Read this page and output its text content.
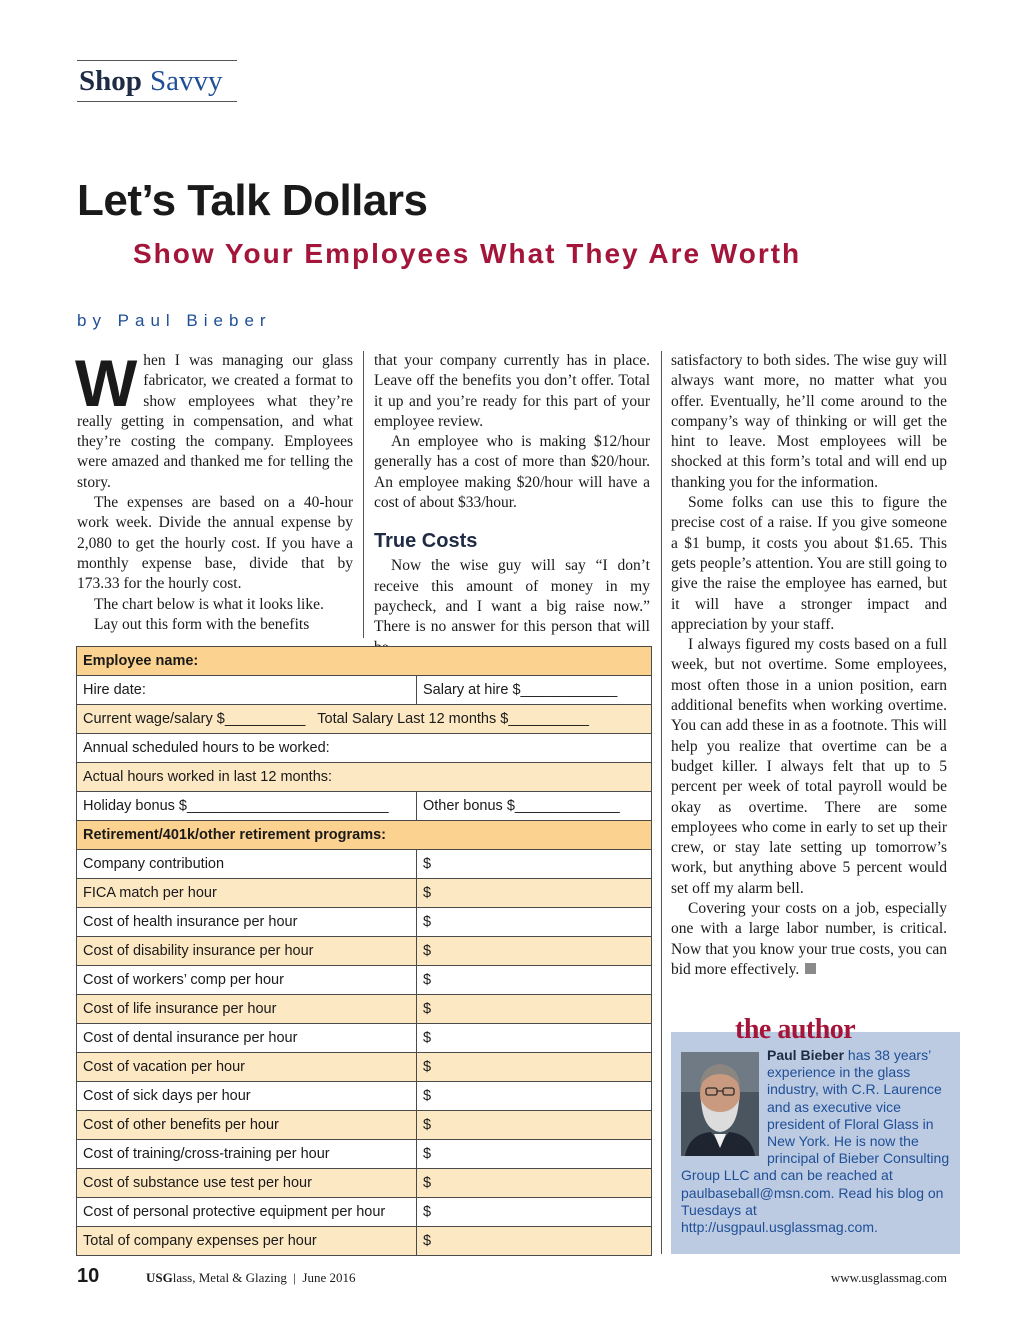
Shop Savvy
Let’s Talk Dollars
Show Your Employees What They Are Worth
by Paul Bieber

When I was managing our glass fabricator, we created a format to show employees what they’re really getting in compensation, and what they’re costing the company. Employees were amazed and thanked me for telling the story.

The expenses are based on a 40-hour work week. Divide the annual expense by 2,080 to get the hourly cost. If you have a monthly expense base, divide that by 173.33 for the hourly cost.

The chart below is what it looks like.

Lay out this form with the benefits

that your company currently has in place. Leave off the benefits you don’t offer. Total it up and you’re ready for this part of your employee review.

An employee who is making $12/hour generally has a cost of more than $20/hour. An employee making $20/hour will have a cost of about $33/hour.

True Costs

Now the wise guy will say “I don’t receive this amount of money in my paycheck, and I want a big raise now.” There is no answer for this person that will

satisfactory to both sides. The wise guy will always want more, no matter what you offer. Eventually, he’ll come around to the company’s way of thinking or will get the hint to leave. Most employees will be shocked at this form’s total and will end up thanking you for the information.

Some folks can use this to figure the precise cost of a raise. If you give someone a $1 bump, it costs you about $1.65. This gets people’s attention. You are still going to give the raise the employee has earned, but it will have a stronger impact and appreciation by your staff.

I always figured my costs based on a full week, but not overtime. Some employees, most often those in a union position, earn additional benefits when working overtime. You can add these in as a footnote. This will help you realize that overtime can be a budget killer. I always felt that up to 5 percent per week of total payroll would be okay as overtime. There are some employees who come in early to set up their crew, or stay late setting up tomorrow’s work, but anything above 5 percent would set off my alarm bell.

Covering your costs on a job, especially one with a large labor number, is critical. Now that you know your true costs, you can bid more effectively.

Employee name:	
Hire date:	Salary at hire $____________
Current wage/salary $__________   Total Salary Last 12 months $__________	
Annual scheduled hours to be worked:	
Actual hours worked in last 12 months:	
Holiday bonus $_________________________	Other bonus $_____________
Retirement/401k/other retirement programs:	
Company contribution	$
FICA match per hour	$
Cost of health insurance per hour	$
Cost of disability insurance per hour	$
Cost of workers’ comp per hour	$
Cost of life insurance per hour	$
Cost of dental insurance per hour	$
Cost of vacation per hour	$
Cost of sick days per hour	$
Cost of other benefits per hour	$
Cost of training/cross-training per hour	$
Cost of substance use test per hour	$
Cost of personal protective equipment per hour	$
Total of company expenses per hour	$
the author
Paul Bieber has 38 years’ experience in the glass industry, with C.R. Laurence and as executive vice president of Floral Glass in New York. He is now the principal of Bieber Consulting Group LLC and can be reached at paulbaseball@msn.com. Read his blog on Tuesdays at http://usgpaul.usglassmag.com.
10	USGlass, Metal & Glazing  |  June 2016	www.usglassmag.com
